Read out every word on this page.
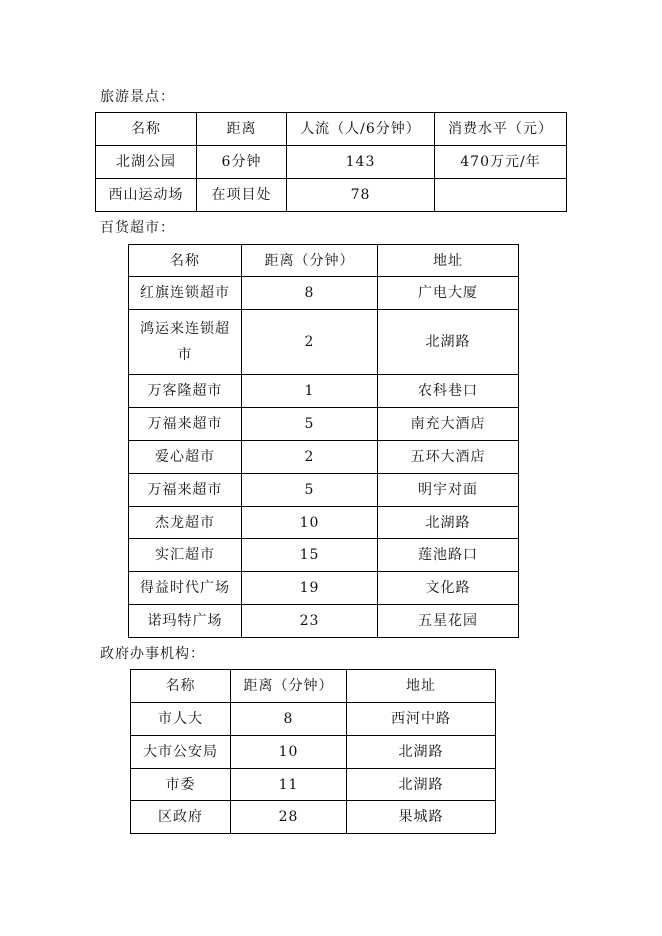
旅游景点：
名称	距离	人流（人/6分钟）	消费水平（元）
北湖公园	6分钟	143	470万元/年
西山运动场	在项目处	78	
百货超市：
名称	距离（分钟）	地址
红旗连锁超市	8	广电大厦
鸿运来连锁超市	2	北湖路
万客隆超市	1	农科巷口
万福来超市	5	南充大酒店
爱心超市	2	五环大酒店
万福来超市	5	明宇对面
杰龙超市	10	北湖路
实汇超市	15	莲池路口
得益时代广场	19	文化路
诺玛特广场	23	五星花园
政府办事机构：
名称	距离（分钟）	地址
市人大	8	西河中路
大市公安局	10	北湖路
市委	11	北湖路
区政府	28	果城路
